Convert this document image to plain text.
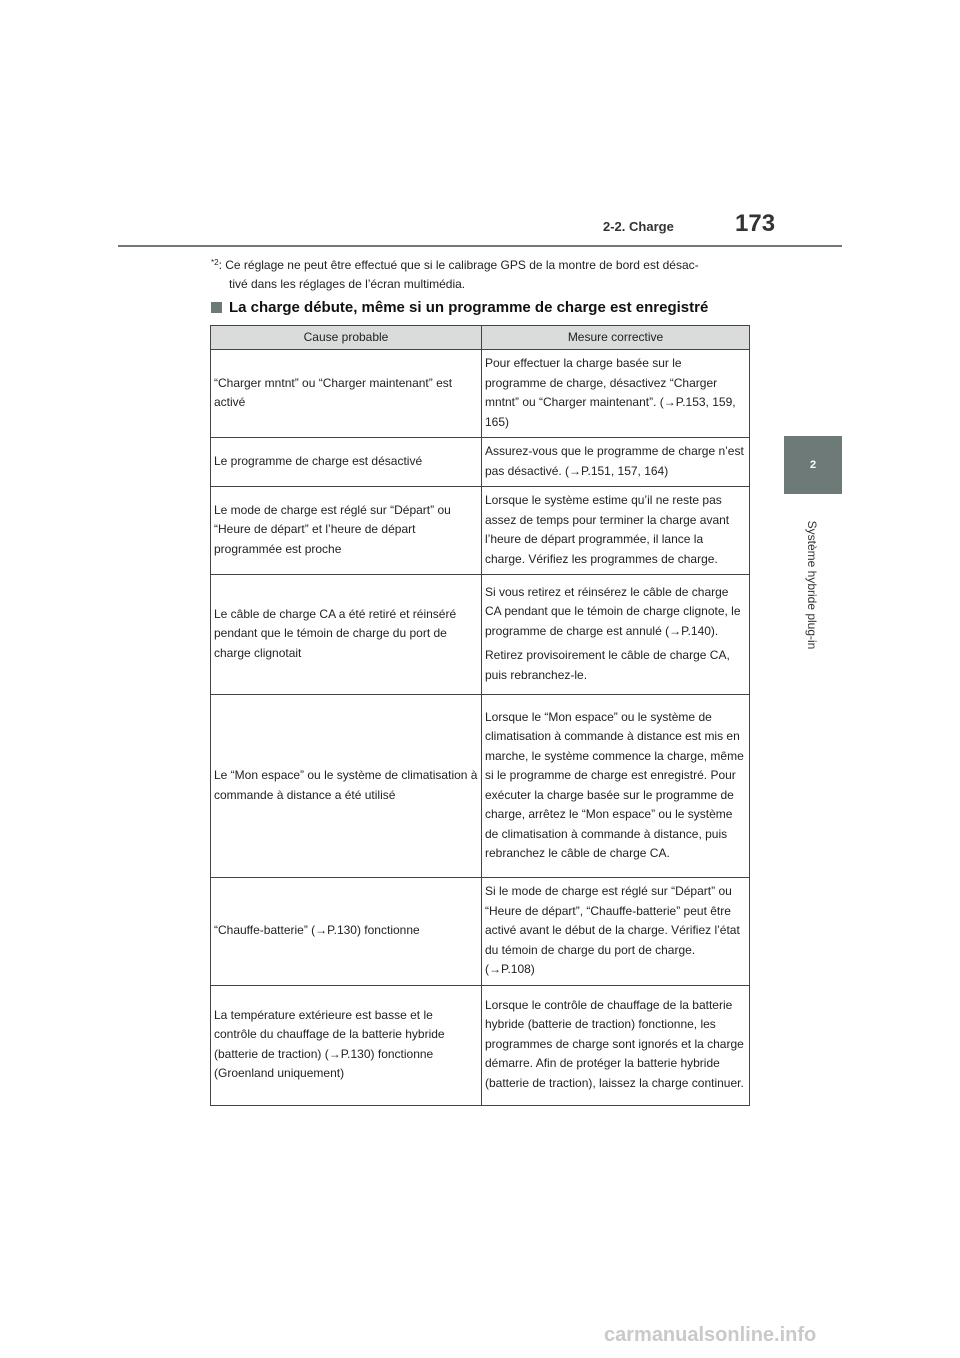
2-2. Charge	173
2
Système hybride plug-in
$^{*2}$: Ce réglage ne peut être effectué que si le calibrage GPS de la montre de bord est désac-
tivé dans les réglages de l’écran multimédia.
La charge débute, même si un programme de charge est enregistré
Cause probable	Mesure corrective
“Charger mntnt” ou “Charger maintenant” est activé	Pour effectuer la charge basée sur le programme de charge, désactivez “Charger mntnt” ou “Charger maintenant”. (→P.153, 159, 165)

Le programme de charge est désactivé	Assurez-vous que le programme de charge n’est pas désactivé. (→P.151, 157, 164)

Le mode de charge est réglé sur “Départ” ou “Heure de départ” et l’heure de départ programmée est proche	Lorsque le système estime qu’il ne reste pas assez de temps pour terminer la charge avant l’heure de départ programmée, il lance la charge. Vérifiez les programmes de charge.

Le câble de charge CA a été retiré et réinséré pendant que le témoin de charge du port de charge clignotait	Si vous retirez et réinsérez le câble de charge CA pendant que le témoin de charge clignote, le programme de charge est annulé (→P.140).

Retirez provisoirement le câble de charge CA, puis rebranchez-le.

Le “Mon espace” ou le système de climatisation à commande à distance a été utilisé	Lorsque le “Mon espace” ou le système de climatisation à commande à distance est mis en marche, le système commence la charge, même si le programme de charge est enregistré. Pour exécuter la charge basée sur le programme de charge, arrêtez le “Mon espace” ou le système de climatisation à commande à distance, puis rebranchez le câble de charge CA.

“Chauffe-batterie” (→P.130) fonctionne	Si le mode de charge est réglé sur “Départ” ou “Heure de départ”, “Chauffe-batterie” peut être activé avant le début de la charge. Vérifiez l’état du témoin de charge du port de charge. (→P.108)

La température extérieure est basse et le contrôle du chauffage de la batterie hybride (batterie de traction) (→P.130) fonctionne (Groenland uniquement)	Lorsque le contrôle de chauffage de la batterie hybride (batterie de traction) fonctionne, les programmes de charge sont ignorés et la charge démarre. Afin de protéger la batterie hybride (batterie de traction), laissez la charge continuer.

carmanualsonline.info
